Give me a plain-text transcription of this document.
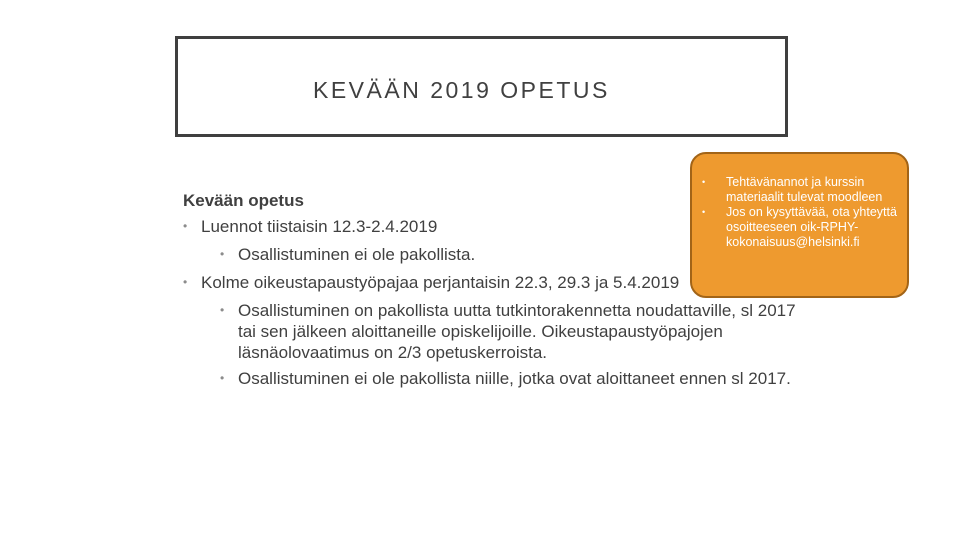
KEVÄÄN 2019 OPETUS
Kevään opetus
• Luennot tiistaisin 12.3-2.4.2019
• Osallistuminen ei ole pakollista.
• Kolme oikeustapaustyöpajaa perjantaisin 22.3, 29.3 ja 5.4.2019
• Osallistuminen on pakollista uutta tutkintorakennetta noudattaville, sl 2017 tai sen jälkeen aloittaneille opiskelijoille. Oikeustapaustyöpajojen läsnäolovaatimus on 2/3 opetuskerroista.
• Osallistuminen ei ole pakollista niille, jotka ovat aloittaneet ennen sl 2017.
• Tehtävänannot ja kurssin materiaalit tulevat moodleen
• Jos on kysyttävää, ota yhteyttä osoitteeseen oik-RPHY-kokonaisuus@helsinki.fi
